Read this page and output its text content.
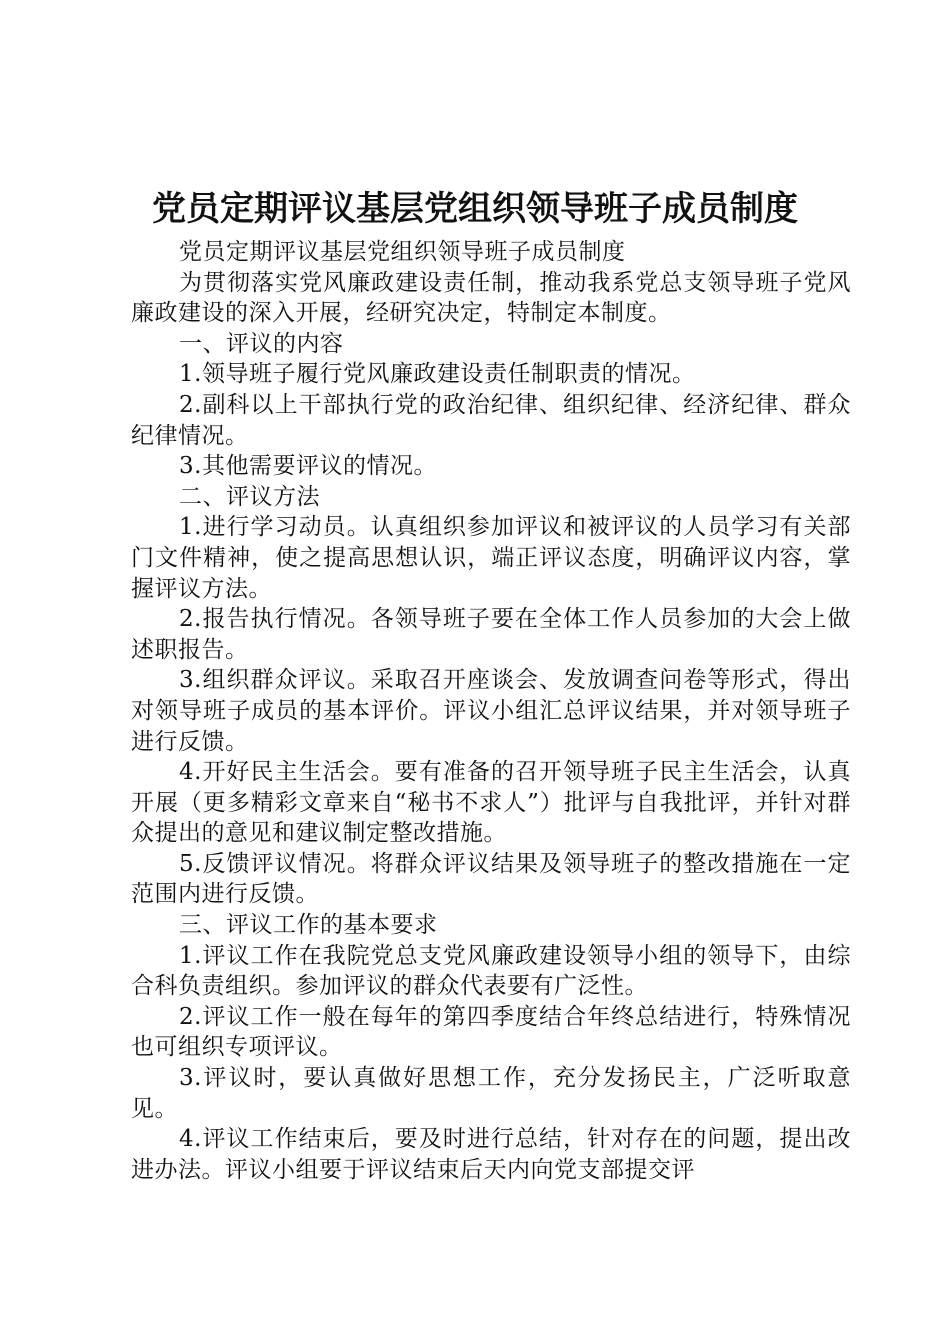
党员定期评议基层党组织领导班子成员制度

党员定期评议基层党组织领导班子成员制度

为贯彻落实党风廉政建设责任制，推动我系党总支领导班子党风廉政建设的深入开展，经研究决定，特制定本制度。

一、评议的内容

1.领导班子履行党风廉政建设责任制职责的情况。

2.副科以上干部执行党的政治纪律、组织纪律、经济纪律、群众纪律情况。

3.其他需要评议的情况。

二、评议方法

1.进行学习动员。认真组织参加评议和被评议的人员学习有关部门文件精神，使之提高思想认识，端正评议态度，明确评议内容，掌握评议方法。

2.报告执行情况。各领导班子要在全体工作人员参加的大会上做述职报告。

3.组织群众评议。采取召开座谈会、发放调查问卷等形式，得出对领导班子成员的基本评价。评议小组汇总评议结果，并对领导班子进行反馈。

4.开好民主生活会。要有准备的召开领导班子民主生活会，认真开展（更多精彩文章来自“秘书不求人”）批评与自我批评，并针对群众提出的意见和建议制定整改措施。

5.反馈评议情况。将群众评议结果及领导班子的整改措施在一定范围内进行反馈。

三、评议工作的基本要求

1.评议工作在我院党总支党风廉政建设领导小组的领导下，由综合科负责组织。参加评议的群众代表要有广泛性。

2.评议工作一般在每年的第四季度结合年终总结进行，特殊情况也可组织专项评议。

3.评议时，要认真做好思想工作，充分发扬民主，广泛听取意见。

4.评议工作结束后，要及时进行总结，针对存在的问题，提出改进办法。评议小组要于评议结束后天内向党支部提交评
